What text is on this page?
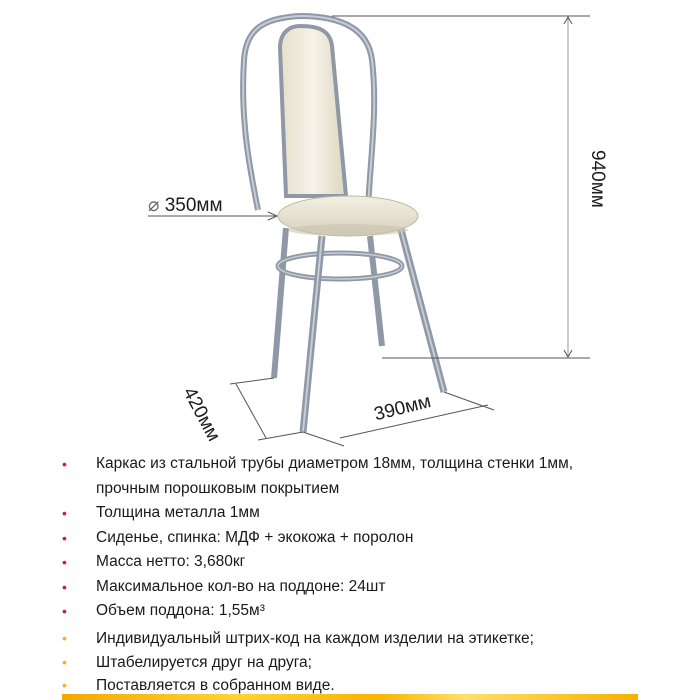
⌀ 350мм	940мм
420мм	390мм
• Каркас из стальной трубы диаметром 18мм, толщина стенки 1мм,
прочным порошковым покрытием
• Толщина металла 1мм
• Сиденье, спинка: МДФ + экокожа + поролон
• Масса нетто: 3,680кг
• Максимальное кол-во на поддоне: 24шт
• Объем поддона: 1,55м³
• Индивидуальный штрих-код на каждом изделии на этикетке;
• Штабелируется друг на друга;
• Поставляется в собранном виде.
